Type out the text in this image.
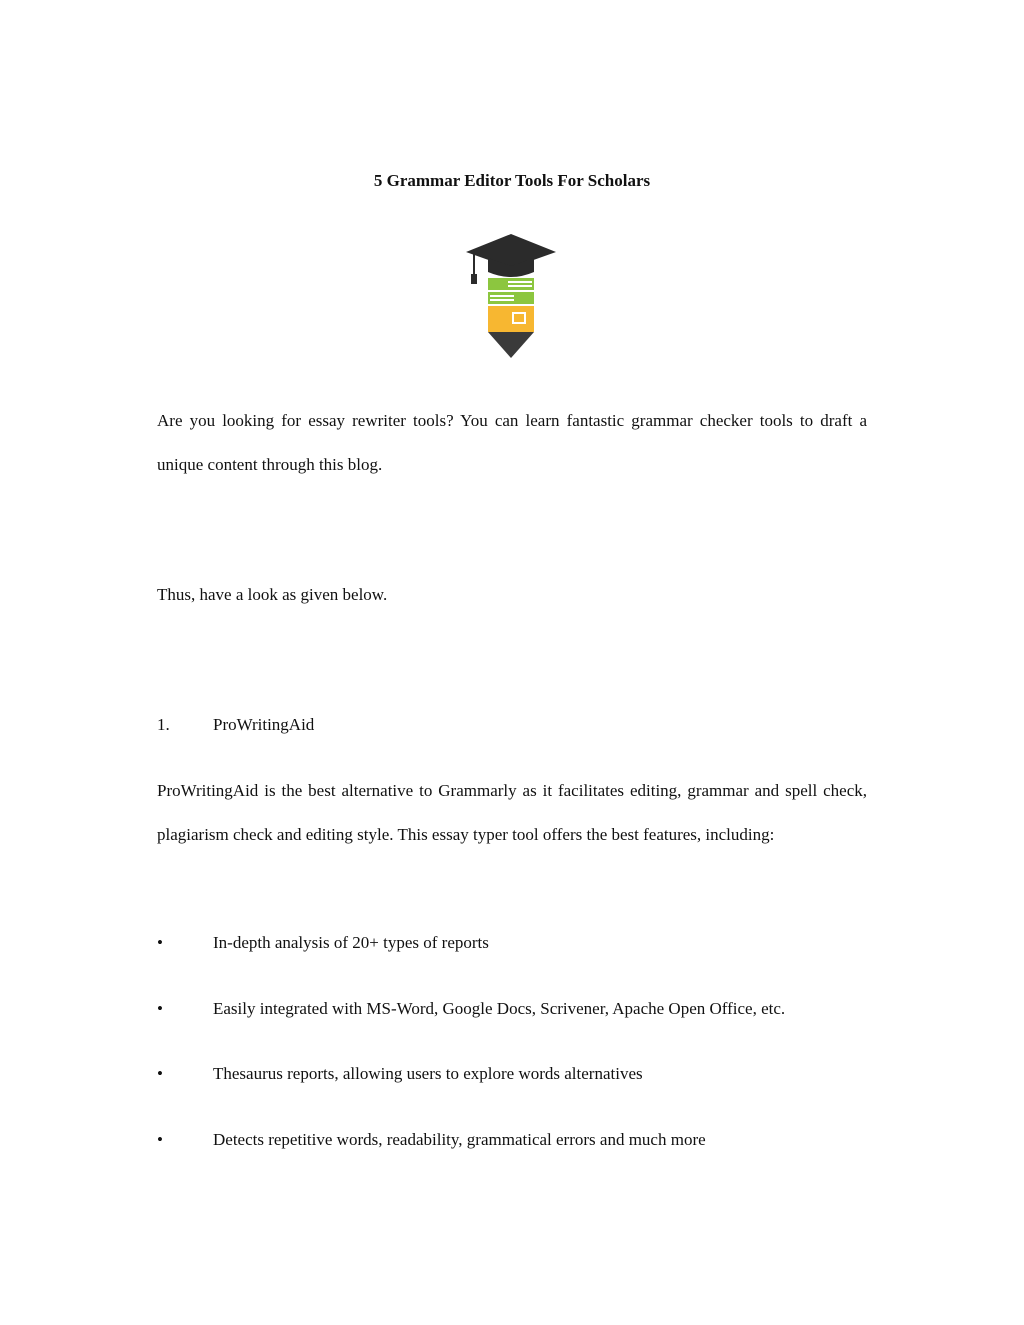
5 Grammar Editor Tools For Scholars

Are you looking for essay rewriter tools? You can learn fantastic grammar checker tools to draft a unique content through this blog.

Thus, have a look as given below.

1.	ProWritingAid

ProWritingAid is the best alternative to Grammarly as it facilitates editing, grammar and spell check, plagiarism check and editing style. This essay typer tool offers the best features, including:

•	In-depth analysis of 20+ types of reports
•	Easily integrated with MS-Word, Google Docs, Scrivener, Apache Open Office, etc.
•	Thesaurus reports, allowing users to explore words alternatives
•	Detects repetitive words, readability, grammatical errors and much more
